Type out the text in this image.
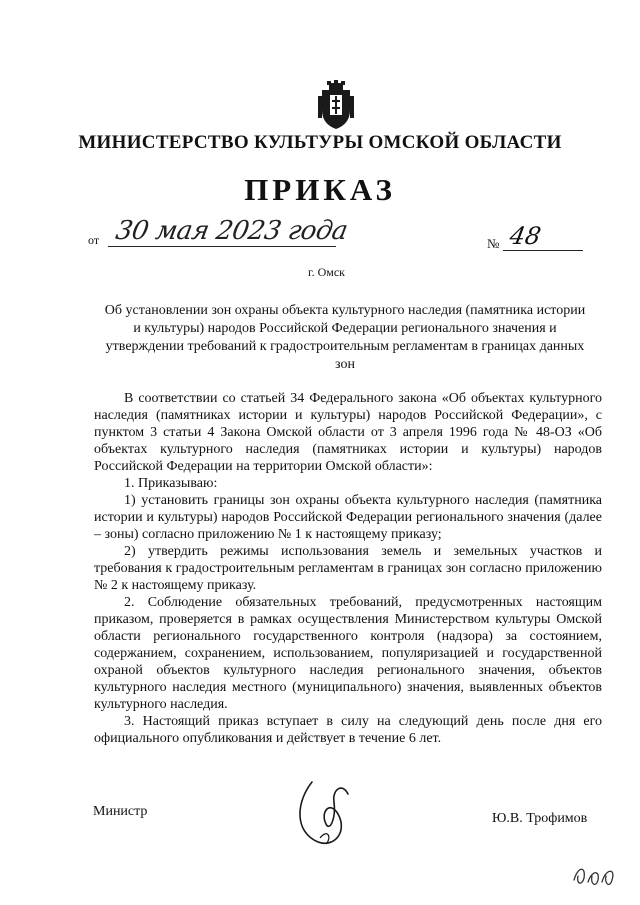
МИНИСТЕРСТВО КУЛЬТУРЫ ОМСКОЙ ОБЛАСТИ
ПРИКАЗ
от 30 мая 2023 года	№ 48
г. Омск
Об установлении зон охраны объекта культурного наследия (памятника истории и культуры) народов Российской Федерации регионального значения и утверждении требований к градостроительным регламентам в границах данных зон

В соответствии со статьей 34 Федерального закона «Об объектах культурного наследия (памятниках истории и культуры) народов Российской Федерации», с пунктом 3 статьи 4 Закона Омской области от 3 апреля 1996 года № 48-ОЗ «Об объектах культурного наследия (памятниках истории и культуры) народов Российской Федерации на территории Омской области»:

1. Приказываю:

1) установить границы зон охраны объекта культурного наследия (памятника истории и культуры) народов Российской Федерации регионального значения (далее – зоны) согласно приложению № 1 к настоящему приказу;

2) утвердить режимы использования земель и земельных участков и требования к градостроительным регламентам в границах зон согласно приложению № 2 к настоящему приказу.

2. Соблюдение обязательных требований, предусмотренных настоящим приказом, проверяется в рамках осуществления Министерством культуры Омской области регионального государственного контроля (надзора) за состоянием, содержанием, сохранением, использованием, популяризацией и государственной охраной объектов культурного наследия регионального значения, объектов культурного наследия местного (муниципального) значения, выявленных объектов культурного наследия.

3. Настоящий приказ вступает в силу на следующий день после дня его официального опубликования и действует в течение 6 лет.

Министр	Ю.В. Трофимов
